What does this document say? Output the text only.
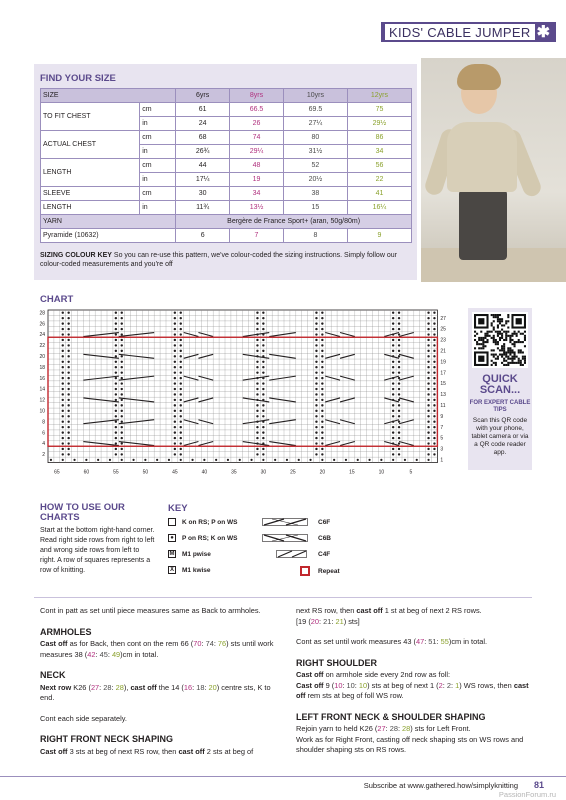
KIDS' CABLE JUMPER ✱
FIND YOUR SIZE
SIZE		6yrs	8yrs	10yrs	12yrs
TO FIT CHEST	cm	61	66.5	69.5	75
	in	24	26	27¼	29½
ACTUAL CHEST	cm	68	74	80	86
	in	26¾	29¼	31½	34
LENGTH	cm	44	48	52	56
	in	17¼	19	20½	22
SLEEVE	cm	30	34	38	41
LENGTH	in	11¾	13½	15	16¼
YARN		Bergère de France Sport+ (aran, 50g/80m)			
Pyramide (10632)		6	7	8	9
SIZING COLOUR KEY So you can re-use this pattern, we've colour-coded the sizing instructions. Simply follow our colour-coded measurements and you're off
CHART
28
26
24
22
20
18
16
14
12
10
8
6
4
2
27
25
23
21
19
17
15
13
11
9
7
5
3
1
65	60	55	50	45	40	35	30	25	20	15	10	5
QUICK SCAN...
FOR EXPERT CABLE TIPS
Scan this QR code with your phone, tablet camera or via a QR code reader app.
HOW TO USE OUR CHARTS
Start at the bottom right-hand corner. Read right side rows from right to left and wrong side rows from left to right. A row of squares represents a row of knitting.
KEY
K on RS; P on WS
●	P on RS; K on WS
M M1 pwise
X	M1 kwise
C6F
C6B
C4F
Repeat

Cont in patt as set until piece measures same as Back to armholes.

ARMHOLES

Cast off as for Back, then cont on the rem 66 (70: 74: 76) sts until work measures 38 (42: 45: 49)cm in total.

NECK

Next row K26 (27: 28: 28), cast off the 14 (16: 18: 20) centre sts, K to end.

Cont each side separately.

RIGHT FRONT NECK SHAPING

Cast off 3 sts at beg of next RS row, then cast off 2 sts at beg of

next RS row, then cast off 1 st at beg of next 2 RS rows.
[19 (20: 21: 21) sts]

Cont as set until work measures 43 (47: 51: 55)cm in total.

RIGHT SHOULDER

Cast off on armhole side every 2nd row as foll:
Cast off 9 (10: 10: 10) sts at beg of next 1 (2: 2: 1) WS rows, then cast off rem sts at beg of foll WS row.

LEFT FRONT NECK & SHOULDER SHAPING

Rejoin yarn to held K26 (27: 28: 28) sts for Left Front.
Work as for Right Front, casting off neck shaping sts on WS rows and shoulder shaping sts on RS rows.

Subscribe at www.gathered.how/simplyknitting 81
PassionForum.ru
